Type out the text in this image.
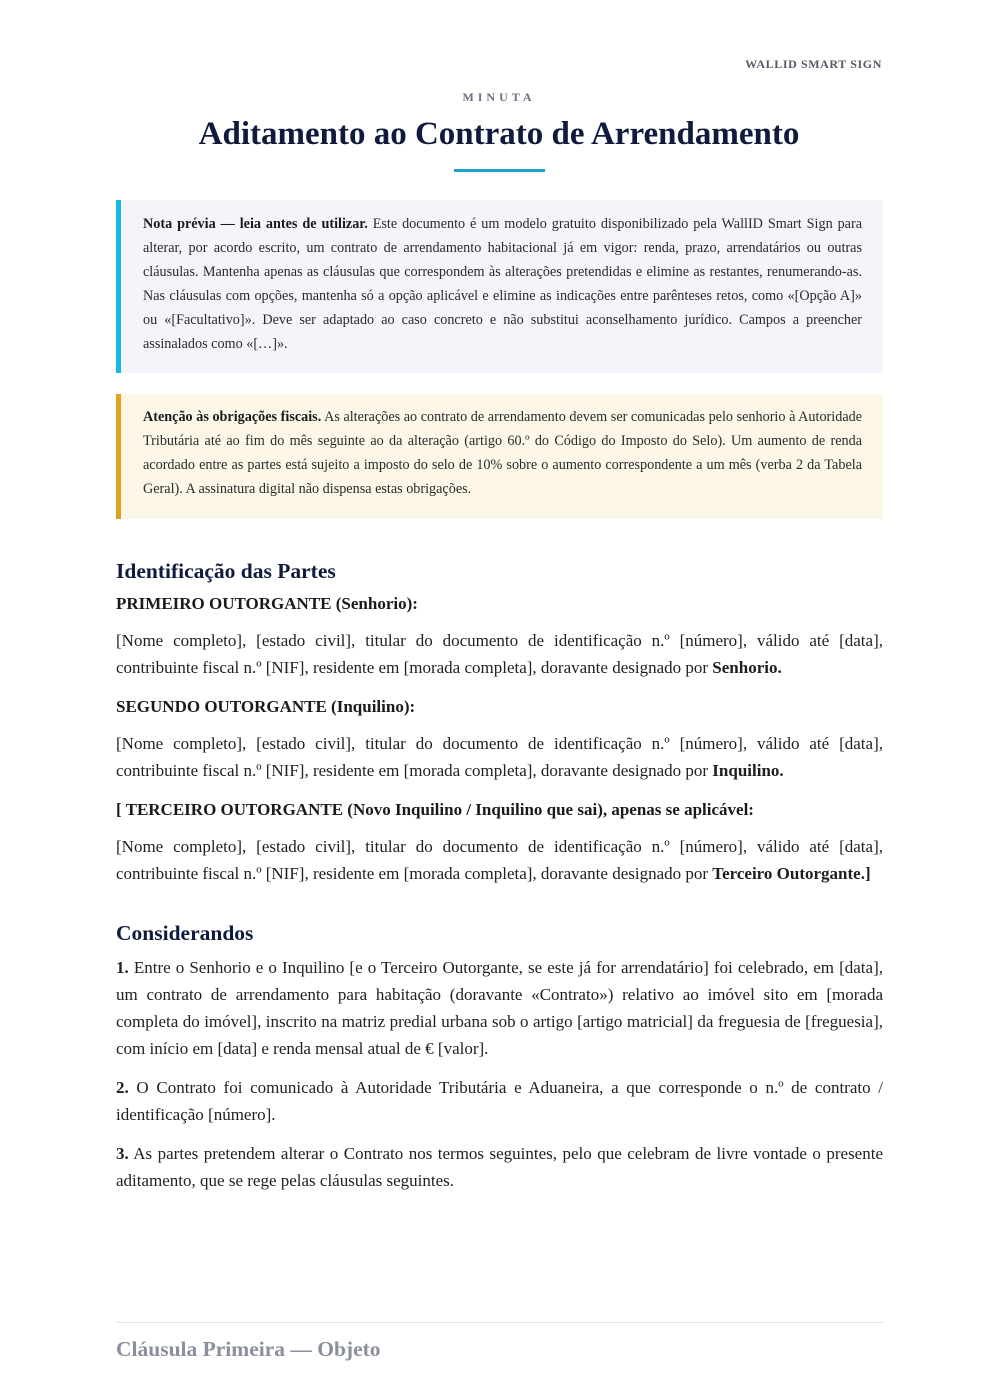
WALLID SMART SIGN
MINUTA
Aditamento ao Contrato de Arrendamento
Nota prévia — leia antes de utilizar. Este documento é um modelo gratuito disponibilizado pela WallID Smart Sign para alterar, por acordo escrito, um contrato de arrendamento habitacional já em vigor: renda, prazo, arrendatários ou outras cláusulas. Mantenha apenas as cláusulas que correspondem às alterações pretendidas e elimine as restantes, renumerando-as. Nas cláusulas com opções, mantenha só a opção aplicável e elimine as indicações entre parênteses retos, como «[Opção A]» ou «[Facultativo]». Deve ser adaptado ao caso concreto e não substitui aconselhamento jurídico. Campos a preencher assinalados como «[…]».
Atenção às obrigações fiscais. As alterações ao contrato de arrendamento devem ser comunicadas pelo senhorio à Autoridade Tributária até ao fim do mês seguinte ao da alteração (artigo 60.º do Código do Imposto do Selo). Um aumento de renda acordado entre as partes está sujeito a imposto do selo de 10% sobre o aumento correspondente a um mês (verba 2 da Tabela Geral). A assinatura digital não dispensa estas obrigações.
Identificação das Partes
PRIMEIRO OUTORGANTE (Senhorio):

[Nome completo], [estado civil], titular do documento de identificação n.º [número], válido até [data], contribuinte fiscal n.º [NIF], residente em [morada completa], doravante designado por Senhorio.

SEGUNDO OUTORGANTE (Inquilino):

[Nome completo], [estado civil], titular do documento de identificação n.º [número], válido até [data], contribuinte fiscal n.º [NIF], residente em [morada completa], doravante designado por Inquilino.

[ TERCEIRO OUTORGANTE (Novo Inquilino / Inquilino que sai), apenas se aplicável:

[Nome completo], [estado civil], titular do documento de identificação n.º [número], válido até [data], contribuinte fiscal n.º [NIF], residente em [morada completa], doravante designado por Terceiro Outorgante.]

Considerandos

1. Entre o Senhorio e o Inquilino [e o Terceiro Outorgante, se este já for arrendatário] foi celebrado, em [data], um contrato de arrendamento para habitação (doravante «Contrato») relativo ao imóvel sito em [morada completa do imóvel], inscrito na matriz predial urbana sob o artigo [artigo matricial] da freguesia de [freguesia], com início em [data] e renda mensal atual de € [valor].

2. O Contrato foi comunicado à Autoridade Tributária e Aduaneira, a que corresponde o n.º de contrato / identificação [número].

3. As partes pretendem alterar o Contrato nos termos seguintes, pelo que celebram de livre vontade o presente aditamento, que se rege pelas cláusulas seguintes.

Cláusula Primeira — Objeto
